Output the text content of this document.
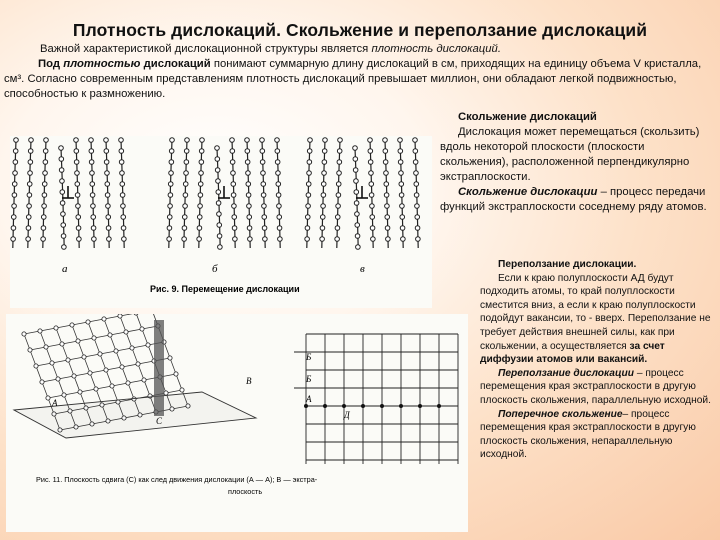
Плотность дислокаций. Скольжение и переползание дислокаций

Важной характеристикой дислокационной структуры является плотность дислокаций.

Под плотностью дислокаций понимают суммарную длину дислокаций в см, приходящих на единицу объема V кристалла, см³. Согласно современным представлениям плотность дислокаций превышает миллион, они обладают легкой подвижностью, способностью к размножению.

Скольжение дислокаций

Дислокация может перемещаться (скользить) вдоль некоторой плоскости (плоскости скольжения), расположенной перпендикулярно экстраплоскости.

Скольжение дислокации – процесс передачи функций экстраплоскости соседнему ряду атомов.

Переползание дислокации.

Если к краю полуплоскости АД будут подходить атомы, то край полуплоскости сместится вниз, а если к краю полуплоскости подойдут вакансии, то - вверх. Переползание не требует действия внешней силы, как при скольжении, а осуществляется за счет диффузии атомов или вакансий.

Переползание дислокации – процесс перемещения края экстраплоскости в другую плоскость скольжения, параллельную исходной.

Поперечное скольжение– процесс перемещения края экстраплоскости в другую плоскость скольжения, непараллельную исходной.

а	б	в
Рис. 9. Перемещение дислокации
А
С
В
Б
А
Б
Д
Рис. 11. Плоскость сдвига (С) как след движения дислокации (А — А); В — экстра-
плоскость
